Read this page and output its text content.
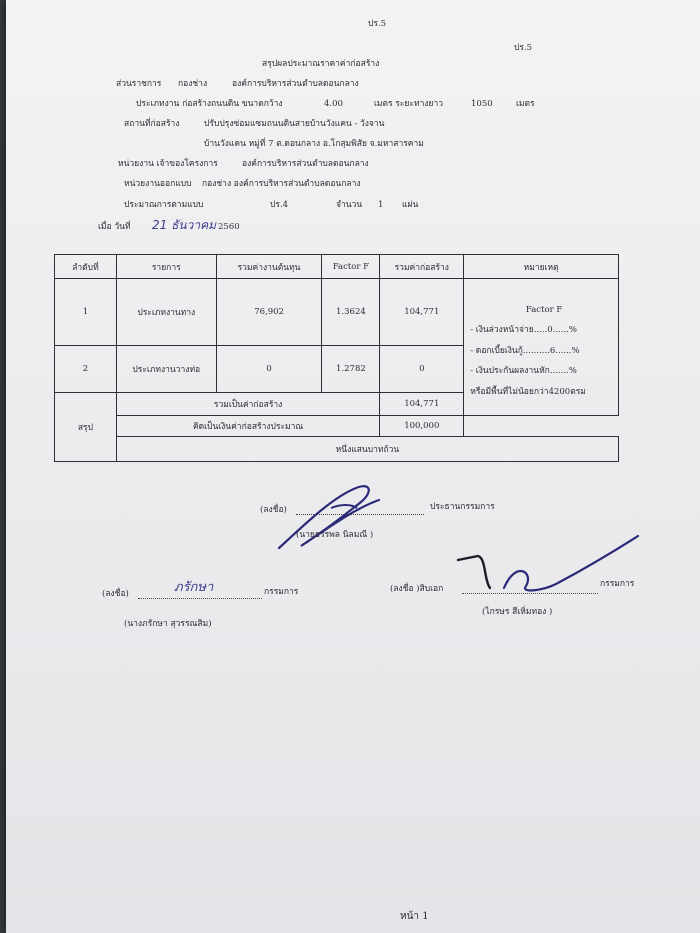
ปร.5
ปร.5
สรุปผลประมาณราคาค่าก่อสร้าง
ส่วนราชการ กองช่าง	องค์การบริหารส่วนตำบลดอนกลาง
ประเภทงาน ก่อสร้างถนนดิน ขนาดกว้าง	4.00	เมตร ระยะทางยาว	1050	เมตร
สถานที่ก่อสร้าง	ปรับปรุงซ่อมแซมถนนดินสายบ้านวังแคน - วังจาน
บ้านวังแคน หมู่ที่ 7 ต.ดอนกลาง อ.โกสุมพิสัย จ.มหาสารคาม
หน่วยงาน เจ้าของโครงการ	องค์การบริหารส่วนตำบลดอนกลาง
หน่วยงานออกแบบ กองช่าง องค์การบริหารส่วนตำบลดอนกลาง
ประมาณการตามแบบ	ปร.4	จำนวน 1 แผ่น
เมื่อ วันที่ 21 ธันวาคม 2560
ลำดับที่	รายการ	รวมค่างานต้นทุน	Factor F	รวมค่าก่อสร้าง	หมายเหตุ
1	ประเภทงานทาง	76,902	1.3624	104,771	Factor F
- เงินล่วงหน้าจ่าย.....0......%
- ดอกเบี้ยเงินกู้..........6......%
- เงินประกันผลงานหัก.......%
หรือมีพื้นที่ไม่น้อยกว่า4200ตรม

2	ประเภทงานวางท่อ	0	1.2782	0	
สรุป	รวมเป็นค่าก่อสร้าง			104,771	
	คิดเป็นเงินค่าก่อสร้างประมาณ			100,000	
	หนึ่งแสนบาทถ้วน				
(ลงชื่อ)	ประธานกรรมการ
(นายธรรพล นิลมณี )
(ลงชื่อ)	ภรักษา	กรรมการ
(นางภรักษา สุวรรณสิม)
(ลงชื่อ )สิบเอก	กรรมการ
(ไกรษร สีเหิ่มทอง )
หน้า 1
